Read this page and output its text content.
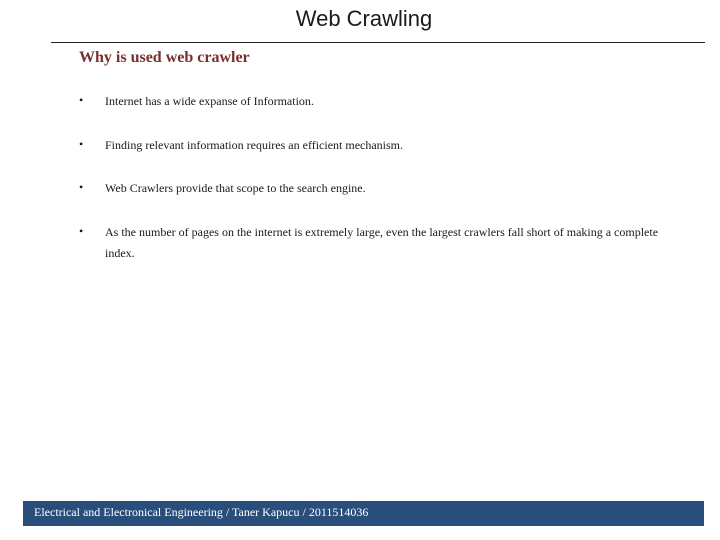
Web Crawling
Why is used web crawler
• Internet has a wide expanse of Information.
• Finding relevant information requires an efficient mechanism.
• Web Crawlers provide that scope to the search engine.
• As the number of pages on the internet is extremely large, even the largest crawlers fall short of making a complete index.
Electrical and Electronical Engineering / Taner Kapucu / 2011514036
